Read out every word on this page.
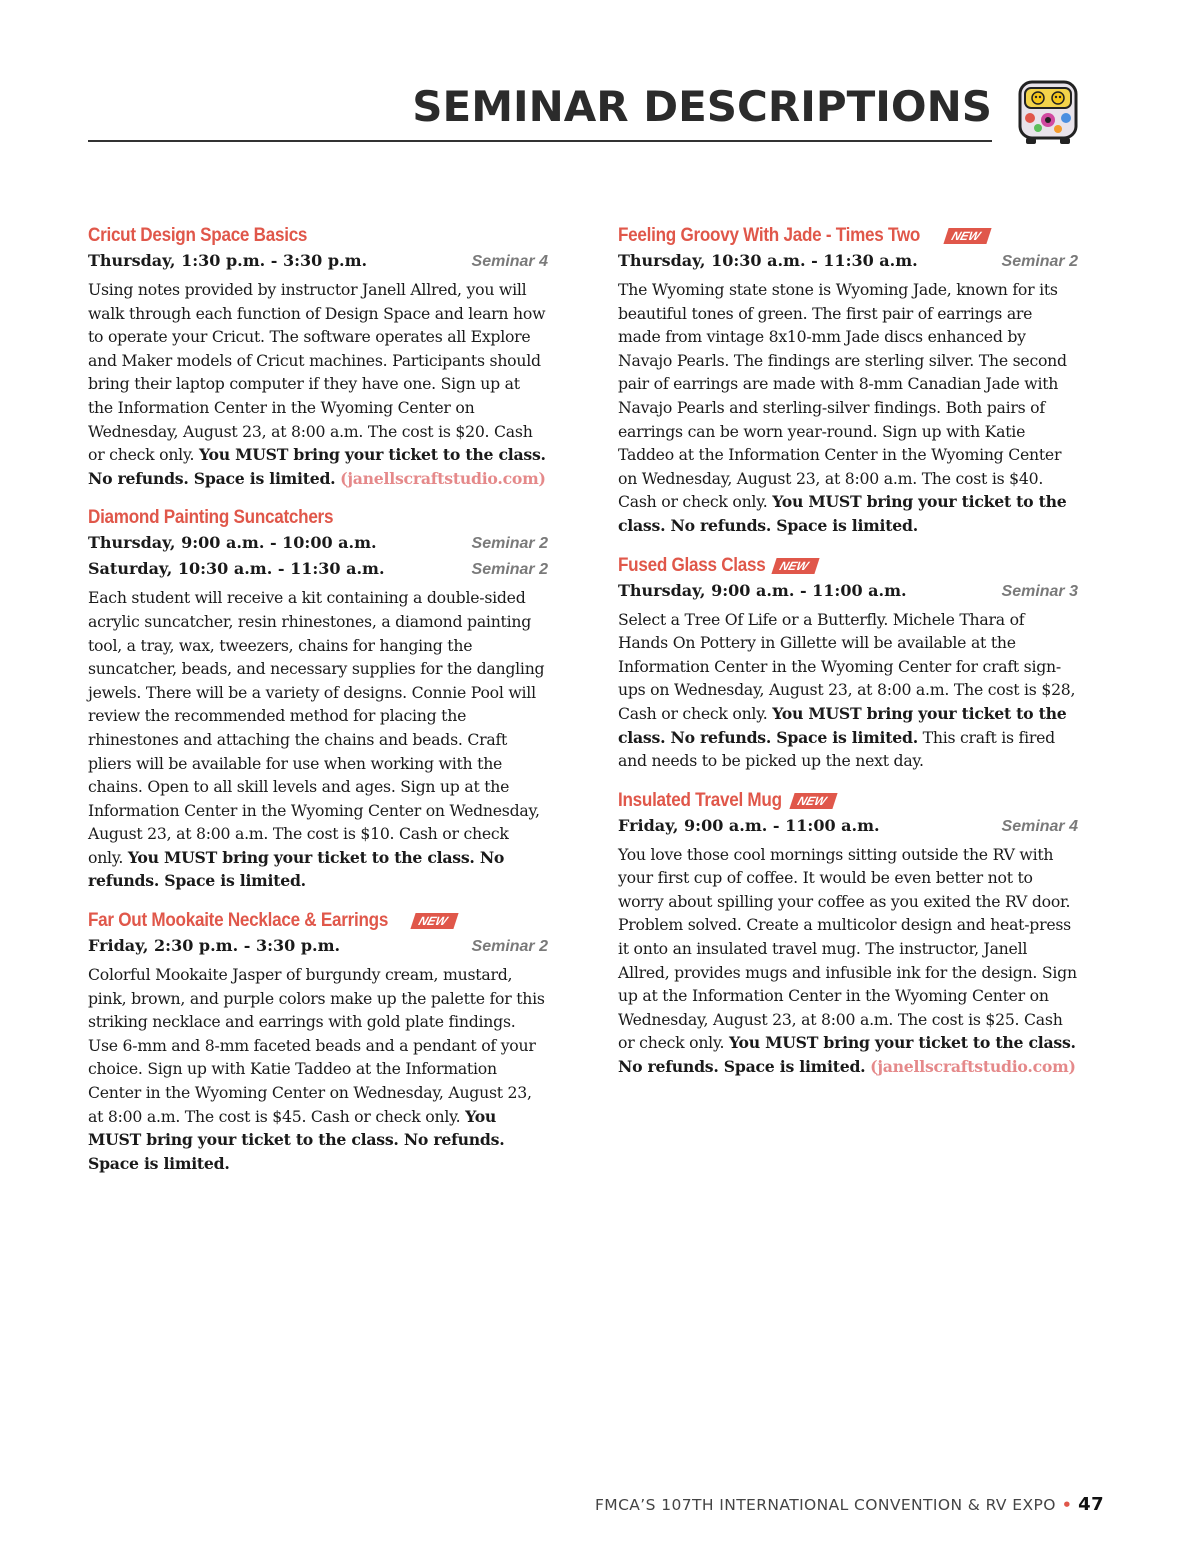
SEMINAR DESCRIPTIONS
Cricut Design Space Basics
Thursday, 1:30 p.m. - 3:30 p.m.	Seminar 4
Using notes provided by instructor Janell Allred, you will walk through each function of Design Space and learn how to operate your Cricut. The software operates all Explore and Maker models of Cricut machines. Participants should bring their laptop computer if they have one. Sign up at the Information Center in the Wyoming Center on Wednesday, August 23, at 8:00 a.m. The cost is $20. Cash or check only. You MUST bring your ticket to the class. No refunds. Space is limited. (janellscraftstudio.com)
Diamond Painting Suncatchers
Thursday, 9:00 a.m. - 10:00 a.m.	Seminar 2
Saturday, 10:30 a.m. - 11:30 a.m.	Seminar 2
Each student will receive a kit containing a double-sided acrylic suncatcher, resin rhinestones, a diamond painting tool, a tray, wax, tweezers, chains for hanging the suncatcher, beads, and necessary supplies for the dangling jewels. There will be a variety of designs. Connie Pool will review the recommended method for placing the rhinestones and attaching the chains and beads. Craft pliers will be available for use when working with the chains. Open to all skill levels and ages. Sign up at the Information Center in the Wyoming Center on Wednesday, August 23, at 8:00 a.m. The cost is $10. Cash or check only. You MUST bring your ticket to the class. No refunds. Space is limited.
Far Out Mookaite Necklace & Earrings	NEW
Friday, 2:30 p.m. - 3:30 p.m.	Seminar 2
Colorful Mookaite Jasper of burgundy cream, mustard, pink, brown, and purple colors make up the palette for this striking necklace and earrings with gold plate findings. Use 6-mm and 8-mm faceted beads and a pendant of your choice. Sign up with Katie Taddeo at the Information Center in the Wyoming Center on Wednesday, August 23, at 8:00 a.m. The cost is $45. Cash or check only. You MUST bring your ticket to the class. No refunds. Space is limited.
Feeling Groovy With Jade - Times Two	NEW
Thursday, 10:30 a.m. - 11:30 a.m.	Seminar 2
The Wyoming state stone is Wyoming Jade, known for its beautiful tones of green. The first pair of earrings are made from vintage 8x10-mm Jade discs enhanced by Navajo Pearls. The findings are sterling silver. The second pair of earrings are made with 8-mm Canadian Jade with Navajo Pearls and sterling-silver findings. Both pairs of earrings can be worn year-round. Sign up with Katie Taddeo at the Information Center in the Wyoming Center on Wednesday, August 23, at 8:00 a.m. The cost is $40. Cash or check only. You MUST bring your ticket to the class. No refunds. Space is limited.
Fused Glass Class	NEW
Thursday, 9:00 a.m. - 11:00 a.m.	Seminar 3
Select a Tree Of Life or a Butterfly. Michele Thara of Hands On Pottery in Gillette will be available at the Information Center in the Wyoming Center for craft sign-ups on Wednesday, August 23, at 8:00 a.m. The cost is $28, Cash or check only. You MUST bring your ticket to the class. No refunds. Space is limited. This craft is fired and needs to be picked up the next day.
Insulated Travel Mug	NEW
Friday, 9:00 a.m. - 11:00 a.m.	Seminar 4
You love those cool mornings sitting outside the RV with your first cup of coffee. It would be even better not to worry about spilling your coffee as you exited the RV door. Problem solved. Create a multicolor design and heat-press it onto an insulated travel mug. The instructor, Janell Allred, provides mugs and infusible ink for the design. Sign up at the Information Center in the Wyoming Center on Wednesday, August 23, at 8:00 a.m. The cost is $25. Cash or check only. You MUST bring your ticket to the class. No refunds. Space is limited. (janellscraftstudio.com)
FMCA’S 107TH INTERNATIONAL CONVENTION & RV EXPO • 47
